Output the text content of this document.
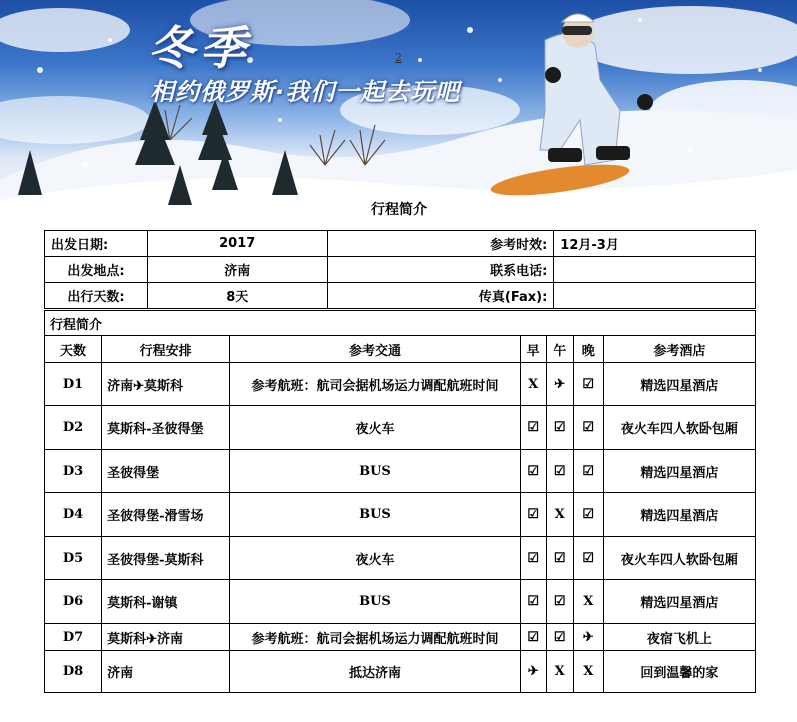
冬季
相约俄罗斯·我们一起去玩吧
2
行程简介
出发日期:	2017	参考时效:	12月-3月
出发地点:	济南	联系电话:	
出行天数:	8天	传真(Fax):	
行程简介						
天数	行程安排	参考交通	早	午	晚	参考酒店
D1	济南✈莫斯科	参考航班：航司会据机场运力调配航班时间	X	✈	☑	精选四星酒店
D2	莫斯科-圣彼得堡	夜火车	☑	☑	☑	夜火车四人软卧包厢
D3	圣彼得堡	BUS	☑	☑	☑	精选四星酒店
D4	圣彼得堡-滑雪场	BUS	☑	X	☑	精选四星酒店
D5	圣彼得堡-莫斯科	夜火车	☑	☑	☑	夜火车四人软卧包厢
D6	莫斯科-谢镇	BUS	☑	☑	X	精选四星酒店
D7	莫斯科✈济南	参考航班：航司会据机场运力调配航班时间	☑	☑	✈	夜宿飞机上
D8	济南	抵达济南	✈	X	X	回到温馨的家
